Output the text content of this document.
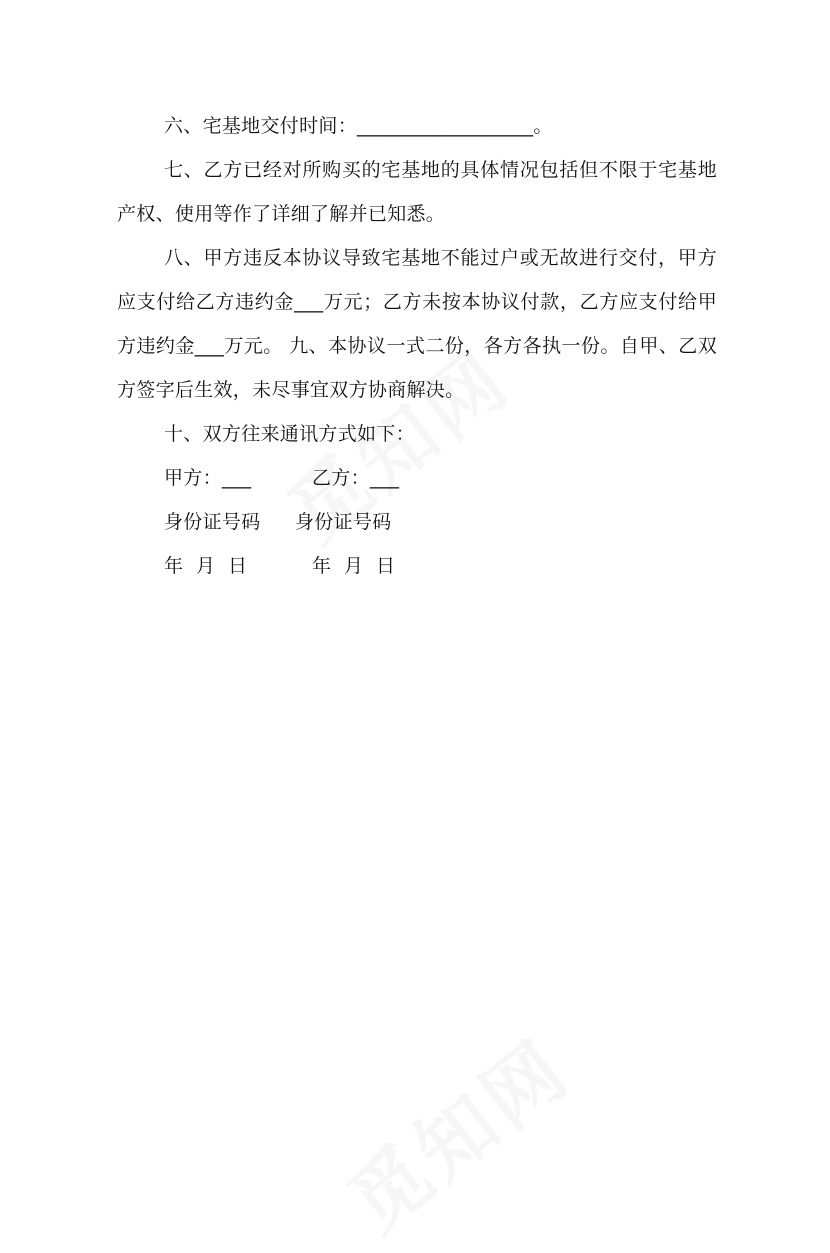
六、宅基地交付时间：__________________。

七、乙方已经对所购买的宅基地的具体情况包括但不限于宅基地产权、使用等作了详细了解并已知悉。

八、甲方违反本协议导致宅基地不能过户或无故进行交付，甲方应支付给乙方违约金___万元；乙方未按本协议付款，乙方应支付给甲方违约金___万元。 九、本协议一式二份，各方各执一份。自甲、乙双方签字后生效，未尽事宜双方协商解决。

十、双方往来通讯方式如下：

甲方：___	乙方：___
身份证号码 身份证号码
年  月  日	年  月  日
